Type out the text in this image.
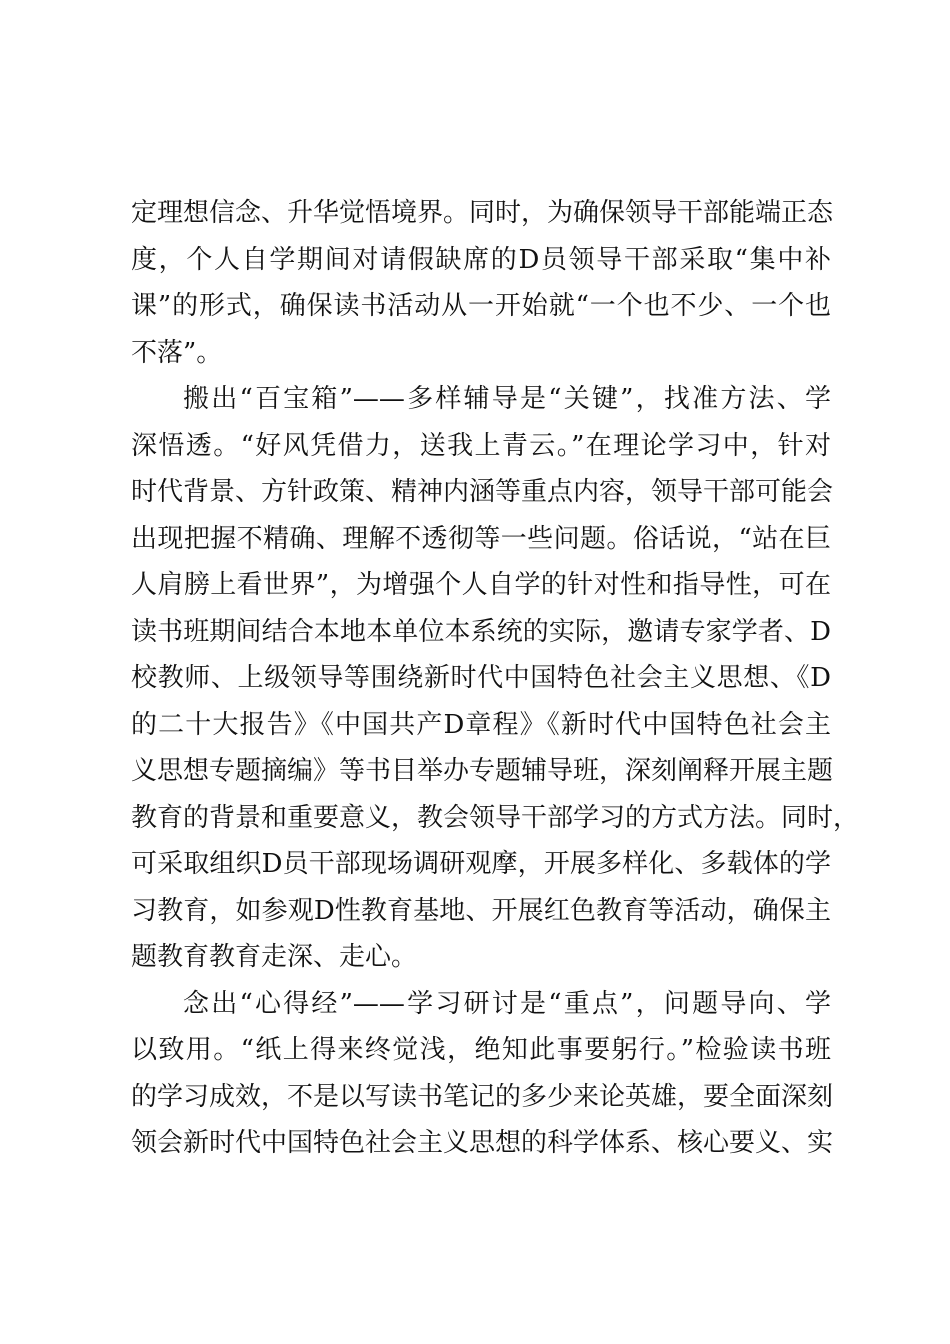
定理想信念、升华觉悟境界。同时，为确保领导干部能端正态
度，个人自学期间对请假缺席的D员领导干部采取“集中补
课”的形式，确保读书活动从一开始就“一个也不少、一个也
不落”。
搬出“百宝箱”——多样辅导是“关键”，找准方法、学
深悟透。“好风凭借力，送我上青云。”在理论学习中，针对
时代背景、方针政策、精神内涵等重点内容，领导干部可能会
出现把握不精确、理解不透彻等一些问题。俗话说，“站在巨
人肩膀上看世界”，为增强个人自学的针对性和指导性，可在
读书班期间结合本地本单位本系统的实际，邀请专家学者、D
校教师、上级领导等围绕新时代中国特色社会主义思想、《D
的二十大报告》《中国共产D章程》《新时代中国特色社会主
义思想专题摘编》等书目举办专题辅导班，深刻阐释开展主题
教育的背景和重要意义，教会领导干部学习的方式方法。同时，
可采取组织D员干部现场调研观摩，开展多样化、多载体的学
习教育，如参观D性教育基地、开展红色教育等活动，确保主
题教育教育走深、走心。
念出“心得经”——学习研讨是“重点”，问题导向、学
以致用。“纸上得来终觉浅，绝知此事要躬行。”检验读书班
的学习成效，不是以写读书笔记的多少来论英雄，要全面深刻
领会新时代中国特色社会主义思想的科学体系、核心要义、实
